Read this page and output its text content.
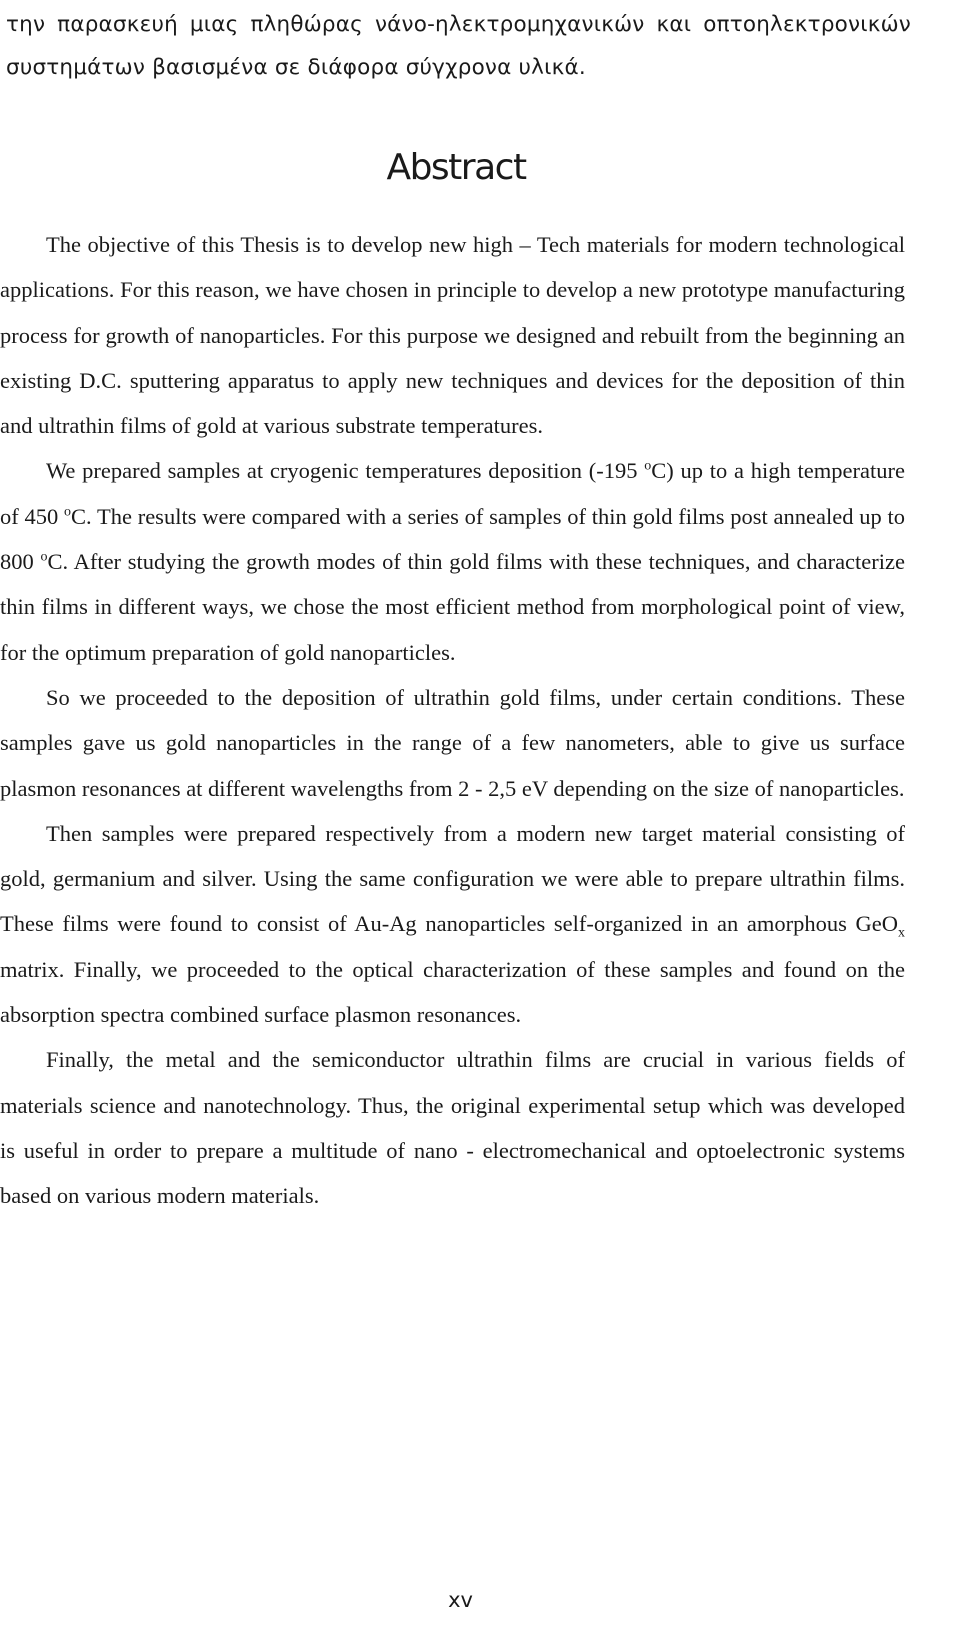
την παρασκευή μιας πληθώρας νάνο-ηλεκτρομηχανικών και οπτοηλεκτρονικών συστημάτων βασισμένα σε διάφορα σύγχρονα υλικά.

Abstract

The objective of this Thesis is to develop new high – Tech materials for modern technological applications. For this reason, we have chosen in principle to develop a new prototype manufacturing process for growth of nanoparticles. For this purpose we designed and rebuilt from the beginning an existing D.C. sputtering apparatus to apply new techniques and devices for the deposition of thin and ultrathin films of gold at various substrate temperatures.

We prepared samples at cryogenic temperatures deposition (-195 $^o$C) up to a high temperature of 450 $^o$C. The results were compared with a series of samples of thin gold films post annealed up to 800 $^o$C. After studying the growth modes of thin gold films with these techniques, and characterize thin films in different ways, we chose the most efficient method from morphological point of view, for the optimum preparation of gold nanoparticles.

So we proceeded to the deposition of ultrathin gold films, under certain conditions. These samples gave us gold nanoparticles in the range of a few nanometers, able to give us surface plasmon resonances at different wavelengths from 2 - 2,5 eV depending on the size of nanoparticles.

Then samples were prepared respectively from a modern new target material consisting of gold, germanium and silver. Using the same configuration we were able to prepare ultrathin films. These films were found to consist of Au-Ag nanoparticles self-organized in an amorphous GeO$_x$ matrix. Finally, we proceeded to the optical characterization of these samples and found on the absorption spectra combined surface plasmon resonances.

Finally, the metal and the semiconductor ultrathin films are crucial in various fields of materials science and nanotechnology. Thus, the original experimental setup which was developed is useful in order to prepare a multitude of nano - electromechanical and optoelectronic systems based on various modern materials.

xv
